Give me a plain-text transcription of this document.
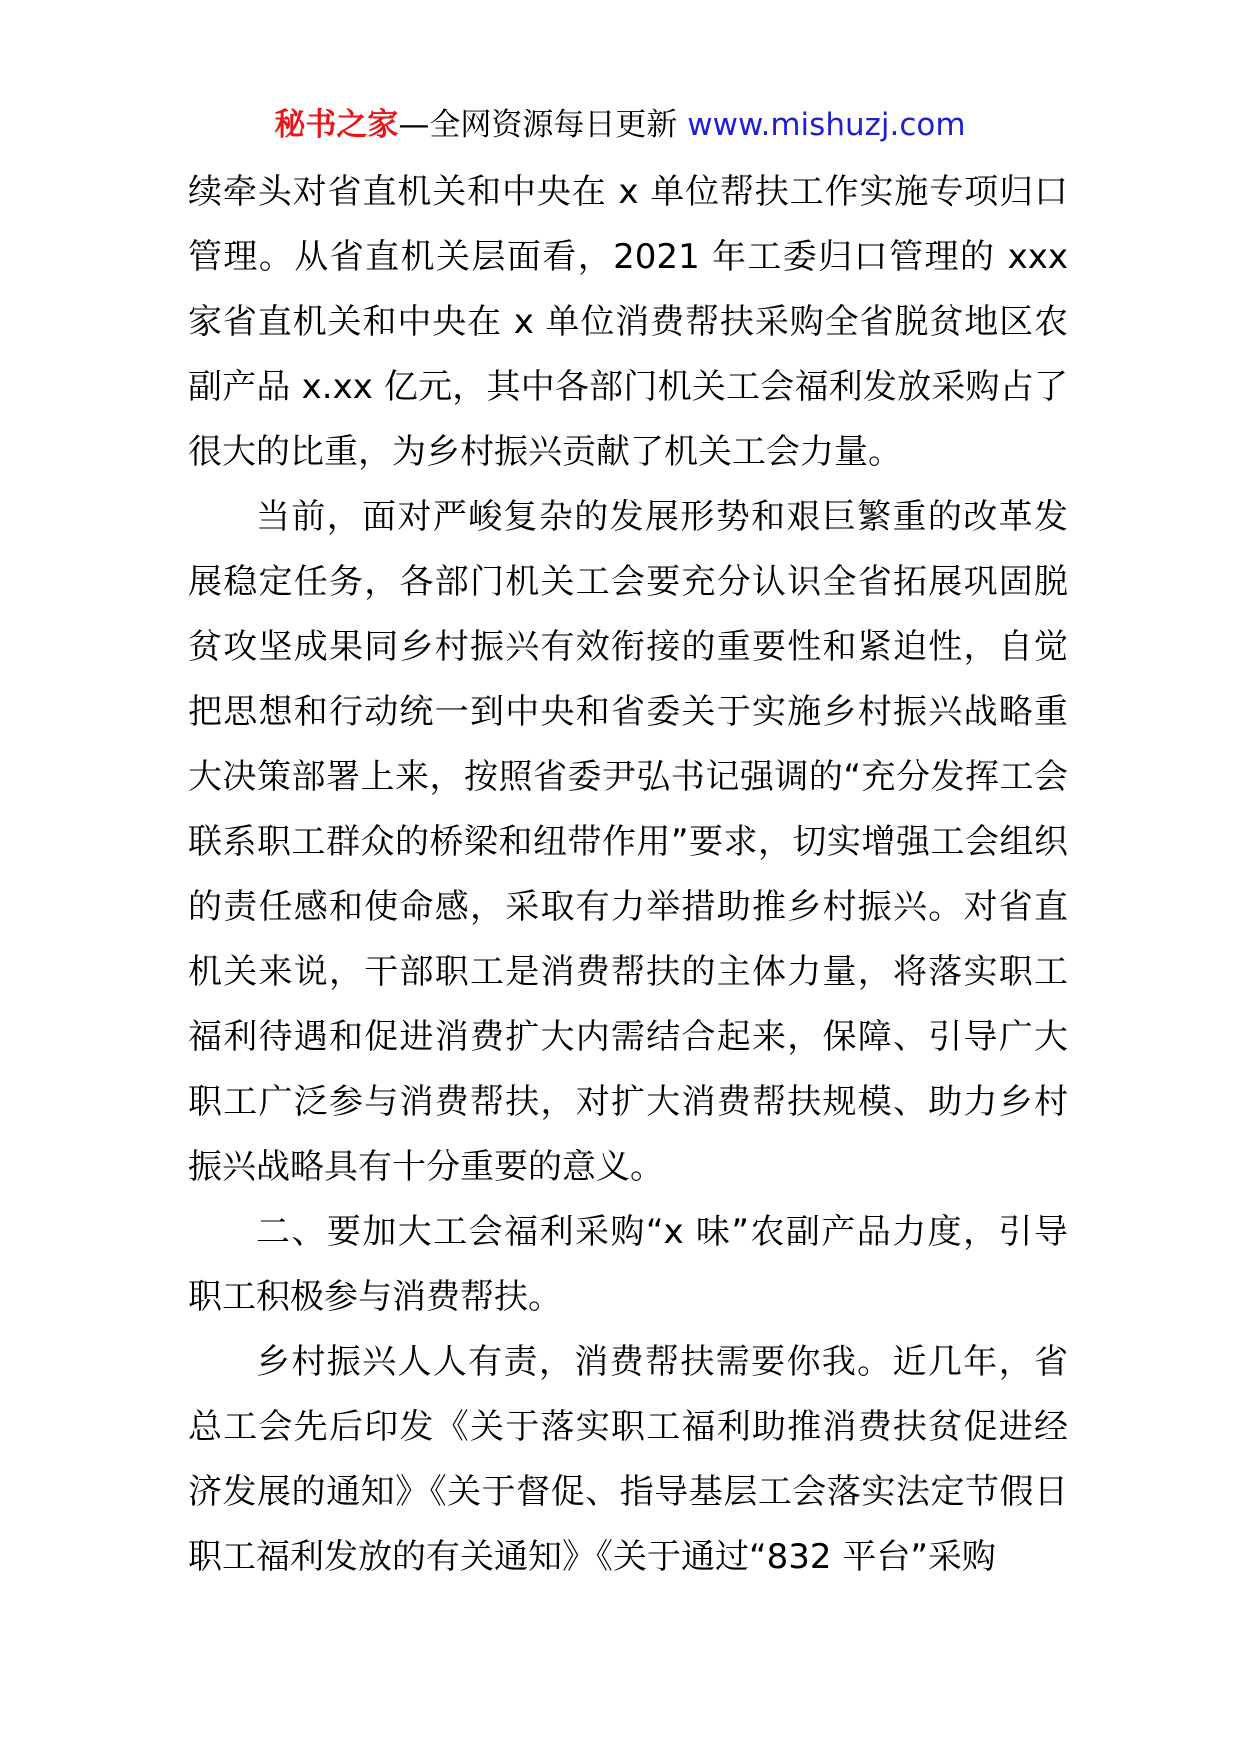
秘书之家—全网资源每日更新 www.mishuzj.com

续牵头对省直机关和中央在 x 单位帮扶工作实施专项归口管理。从省直机关层面看，2021 年工委归口管理的 xxx 家省直机关和中央在 x 单位消费帮扶采购全省脱贫地区农副产品 x.xx 亿元，其中各部门机关工会福利发放采购占了很大的比重，为乡村振兴贡献了机关工会力量。

当前，面对严峻复杂的发展形势和艰巨繁重的改革发展稳定任务，各部门机关工会要充分认识全省拓展巩固脱贫攻坚成果同乡村振兴有效衔接的重要性和紧迫性，自觉把思想和行动统一到中央和省委关于实施乡村振兴战略重大决策部署上来，按照省委尹弘书记强调的“充分发挥工会联系职工群众的桥梁和纽带作用”要求，切实增强工会组织的责任感和使命感，采取有力举措助推乡村振兴。对省直机关来说，干部职工是消费帮扶的主体力量，将落实职工福利待遇和促进消费扩大内需结合起来，保障、引导广大职工广泛参与消费帮扶，对扩大消费帮扶规模、助力乡村振兴战略具有十分重要的意义。

二、要加大工会福利采购“x 味”农副产品力度，引导职工积极参与消费帮扶。

乡村振兴人人有责，消费帮扶需要你我。近几年，省总工会先后印发《关于落实职工福利助推消费扶贫促进经济发展的通知》《关于督促、指导基层工会落实法定节假日职工福利发放的有关通知》《关于通过“832 平台”采购
